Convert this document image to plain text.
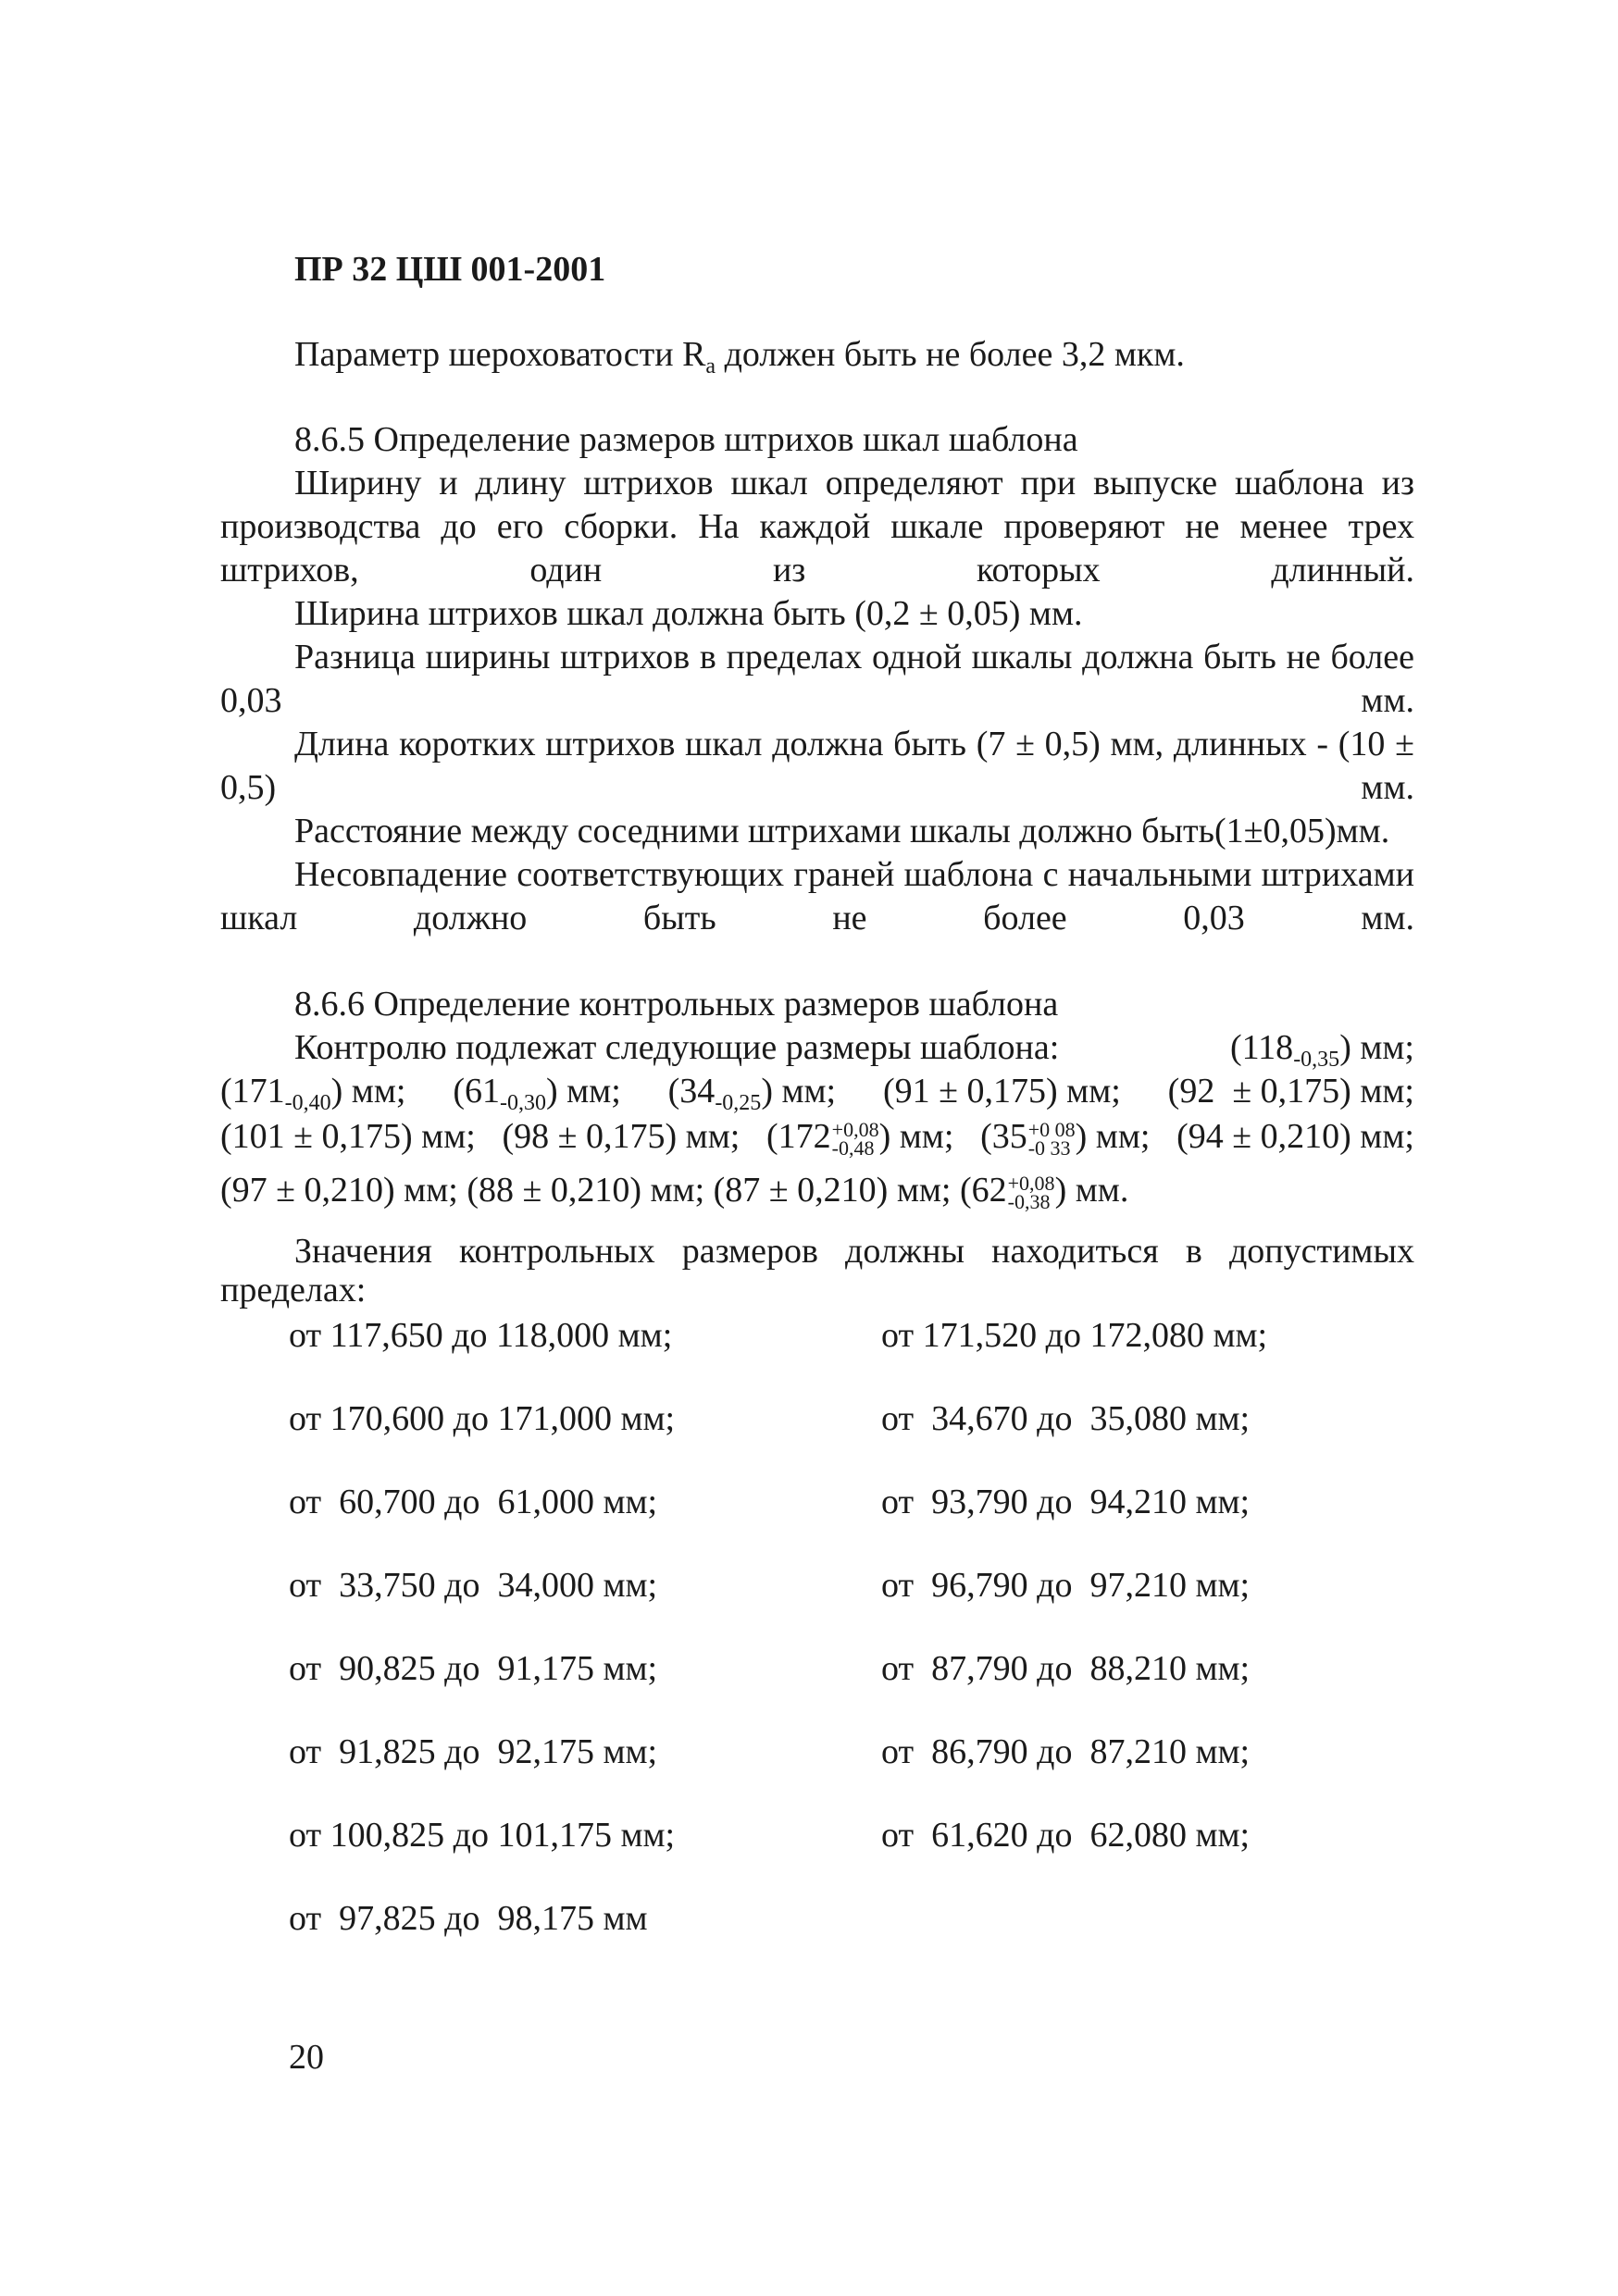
ПР 32 ЦШ 001-2001
Параметр шероховатости $R_a$ должен быть не более 3,2 мкм.
8.6.5 Определение размеров штрихов шкал шаблона
Ширину и длину штрихов шкал определяют при выпуске шаблона из производства до его сборки. На каждой шкале проверяют не менее трех штрихов, один из которых длинный.
Ширина штрихов шкал должна быть (0,2 ± 0,05) мм.
Разница ширины штрихов в пределах одной шкалы должна быть не более 0,03 мм.
Длина коротких штрихов шкал должна быть (7 ± 0,5) мм, длинных - (10 ± 0,5) мм.
Расстояние между соседними штрихами шкалы должно быть(1±0,05)мм.
Несовпадение соответствующих граней шаблона с начальными штрихами шкал должно быть не более 0,03 мм.
8.6.6 Определение контрольных размеров шаблона
Контролю подлежат следующие размеры шаблона:	$(118_{-0,35})$ мм;
$(171_{-0,40})$ мм; $(61_{-0,30})$ мм; $(34_{-0,25})$ мм; (91 ± 0,175) мм; (92  ± 0,175) мм;
(101 ± 0,175) мм; (98 ± 0,175) мм; (172 +0,08
-0,48 ) мм; (35 +0 08
-0 33 ) мм; (94 ± 0,210) мм;
(97 ± 0,210) мм; (88 ± 0,210) мм; (87 ± 0,210) мм; (62 +0,08
-0,38 ) мм.
Значения контрольных размеров должны находиться в допустимых пределах:
от 117,650 до 118,000 мм;
от 170,600 до 171,000 мм;
от  60,700 до  61,000 мм;
от  33,750 до  34,000 мм;
от  90,825 до  91,175 мм;
от  91,825 до  92,175 мм;
от 100,825 до 101,175 мм;
от  97,825 до  98,175 мм
от 171,520 до 172,080 мм;
от  34,670 до  35,080 мм;
от  93,790 до  94,210 мм;
от  96,790 до  97,210 мм;
от  87,790 до  88,210 мм;
от  86,790 до  87,210 мм;
от  61,620 до  62,080 мм;
20
